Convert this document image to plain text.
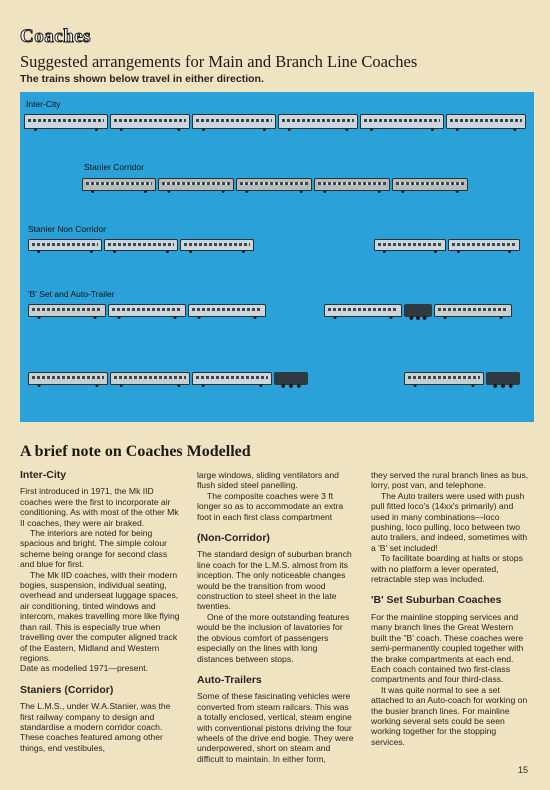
Coaches
Suggested arrangements for Main and Branch Line Coaches
The trains shown below travel in either direction.
Inter-City
Stanier Corridor
Stanier Non Corridor
'B' Set and Auto-Trailer
A brief note on Coaches Modelled
Inter-City

First introduced in 1971, the Mk IID coaches were the first to incorporate air conditioning. As with most of the other Mk II coaches, they were air braked.

The interiors are noted for being spacious and bright. The simple colour scheme being orange for second class and blue for first.

The Mk IID coaches, with their modern bogies, suspension, individual seating, overhead and underseat luggage spaces, air conditioning, tinted windows and intercom, makes travelling more like flying than rail. This is especially true when travelling over the computer aligned track of the Eastern, Midland and Western regions.

Date as modelled 1971—present.

Staniers (Corridor)

The L.M.S., under W.A.Stanier, was the first railway company to design and standardise a modern corridor coach. These coaches featured among other things, end vestibules,

large windows, sliding ventilators and flush sided steel panelling.

The composite coaches were 3 ft longer so as to accommodate an extra foot in each first class compartment

(Non-Corridor)

The standard design of suburban branch line coach for the L.M.S. almost from its inception. The only noticeable changes would be the transition from wood construction to steel sheet in the late twenties.

One of the more outstanding features would be the inclusion of lavatories for the obvious comfort of passengers especially on the lines with long distances between stops.

Auto-Trailers

Some of these fascinating vehicles were converted from steam railcars. This was a totally enclosed, vertical, steam engine with conventional pistons driving the four wheels of the drive end bogie. They were underpowered, short on steam and difficult to maintain. In either form,

they served the rural branch lines as bus, lorry, post van, and telephone.

The Auto trailers were used with push pull fitted loco's (14xx's primarily) and used in many combinations—loco pushing, loco pulling, loco between two auto trailers, and indeed, sometimes with a 'B' set included!

To facilitate boarding at halts or stops with no platform a lever operated, retractable step was included.

'B' Set Suburban Coaches

For the mainline stopping services and many branch lines the Great Western built the "B' coach. These coaches were semi-permanently coupled together with the brake compartments at each end. Each coach contained two first-class compartments and four third-class.

It was quite normal to see a set attached to an Auto-coach for working on the busier branch lines. For mainline working several sets could be seen working together for the stopping services.

15
